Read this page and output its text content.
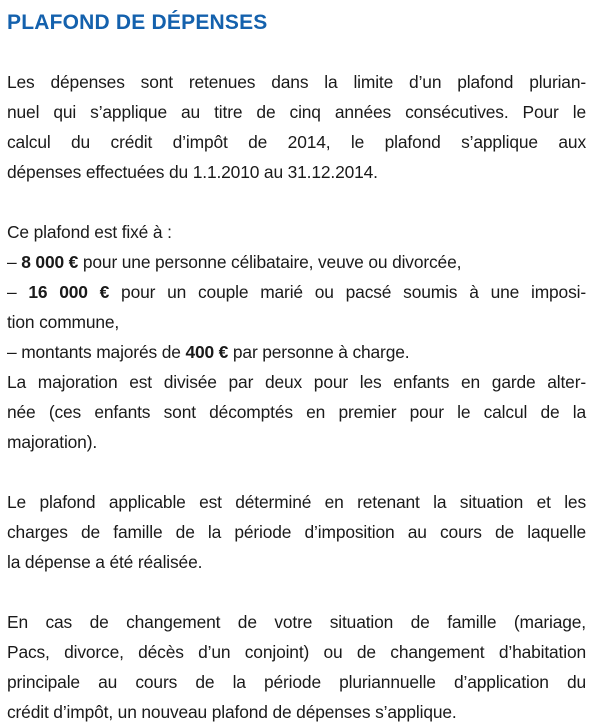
PLAFOND DE DÉPENSES

Les dépenses sont retenues dans la limite d’un plafond plurian-
nuel qui s’applique au titre de cinq années consécutives. Pour le
calcul du crédit d’impôt de 2014, le plafond s’applique aux
dépenses effectuées du 1.1.2010 au 31.12.2014.

Ce plafond est fixé à :
– 8 000 € pour une personne célibataire, veuve ou divorcée,
– 16 000 € pour un couple marié ou pacsé soumis à une imposi-
tion commune,
– montants majorés de 400 € par personne à charge.
La majoration est divisée par deux pour les enfants en garde alter-
née (ces enfants sont décomptés en premier pour le calcul de la
majoration).

Le plafond applicable est déterminé en retenant la situation et les
charges de famille de la période d’imposition au cours de laquelle
la dépense a été réalisée.

En cas de changement de votre situation de famille (mariage,
Pacs, divorce, décès d’un conjoint) ou de changement d’habitation
principale au cours de la période pluriannuelle d’application du
crédit d’impôt, un nouveau plafond de dépenses s’applique.
